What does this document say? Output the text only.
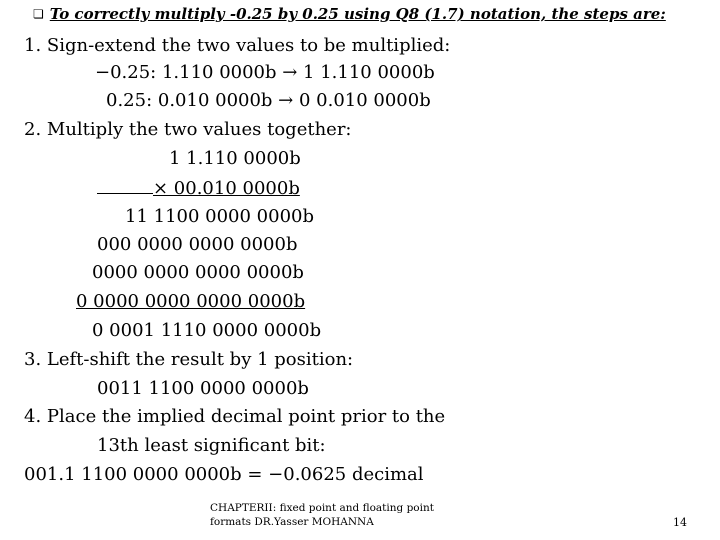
❏ To correctly multiply -0.25 by 0.25 using Q8 (1.7) notation, the steps are:
1. Sign-extend the two values to be multiplied:
−0.25: 1.110 0000b → 1 1.110 0000b
0.25: 0.010 0000b → 0 0.010 0000b
2. Multiply the two values together:
1 1.110 0000b
× 00.010 0000b
11 1100 0000 0000b
000 0000 0000 0000b
0000 0000 0000 0000b
0 0000 0000 0000 0000b
0 0001 1110 0000 0000b
3. Left-shift the result by 1 position:
0011 1100 0000 0000b
4. Place the implied decimal point prior to the
13th least significant bit:
001.1 1100 0000 0000b = −0.0625 decimal
CHAPTERII: fixed point and floating point
formats DR.Yasser MOHANNA	14
